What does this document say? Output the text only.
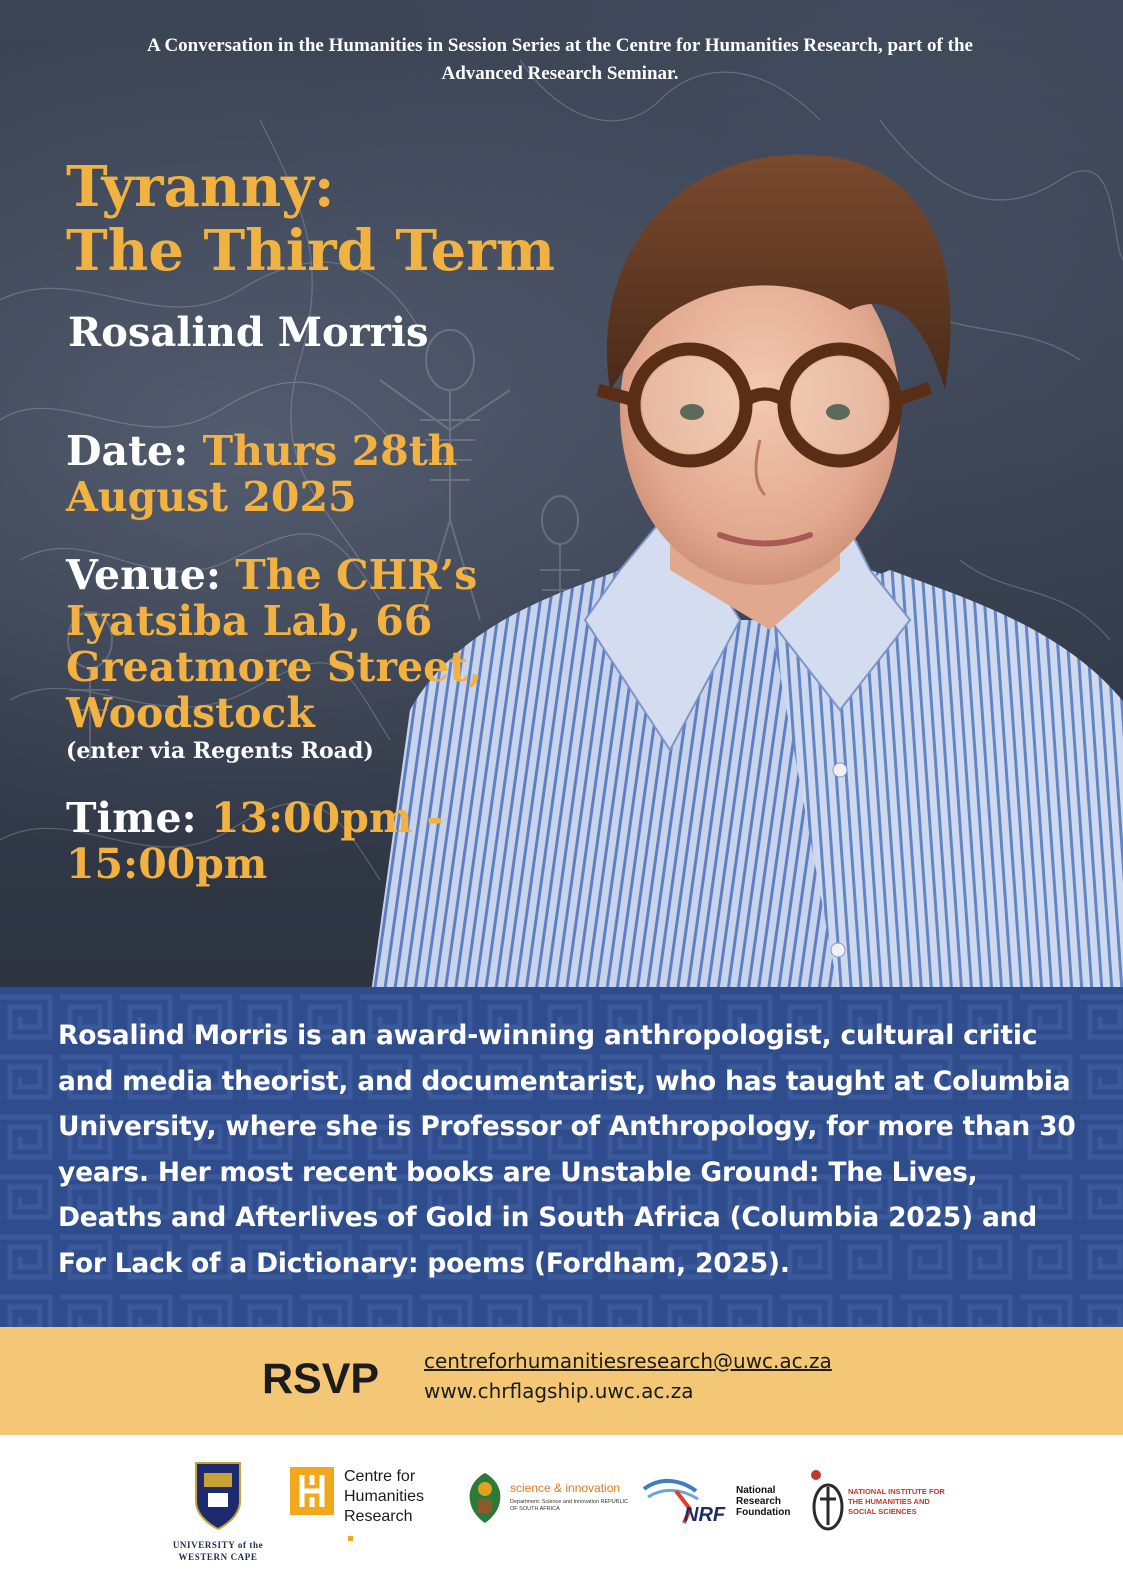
A Conversation in the Humanities in Session Series at the Centre for Humanities Research, part of the Advanced Research Seminar.
Tyranny:
The Third Term
Rosalind Morris
Date: Thurs 28th August 2025
Venue: The CHR’s Iyatsiba Lab, 66 Greatmore Street, Woodstock
(enter via Regents Road)
Time: 13:00pm - 15:00pm
Rosalind Morris is an award-winning anthropologist, cultural critic and media theorist, and documentarist, who has taught at Columbia University, where she is Professor of Anthropology, for more than 30 years. Her most recent books are Unstable Ground: The Lives, Deaths and Afterlives of Gold in South Africa (Columbia 2025) and For Lack of a Dictionary: poems (Fordham, 2025).
RSVP centreforhumanitiesresearch@uwc.ac.za
www.chrflagship.uwc.ac.za
UNIVERSITY of the WESTERN CAPE
Centre for Humanities Research
science & innovation
Department: Science and Innovation REPUBLIC OF SOUTH AFRICA	NRF
National Research Foundation
NATIONAL INSTITUTE FOR THE HUMANITIES AND SOCIAL SCIENCES
